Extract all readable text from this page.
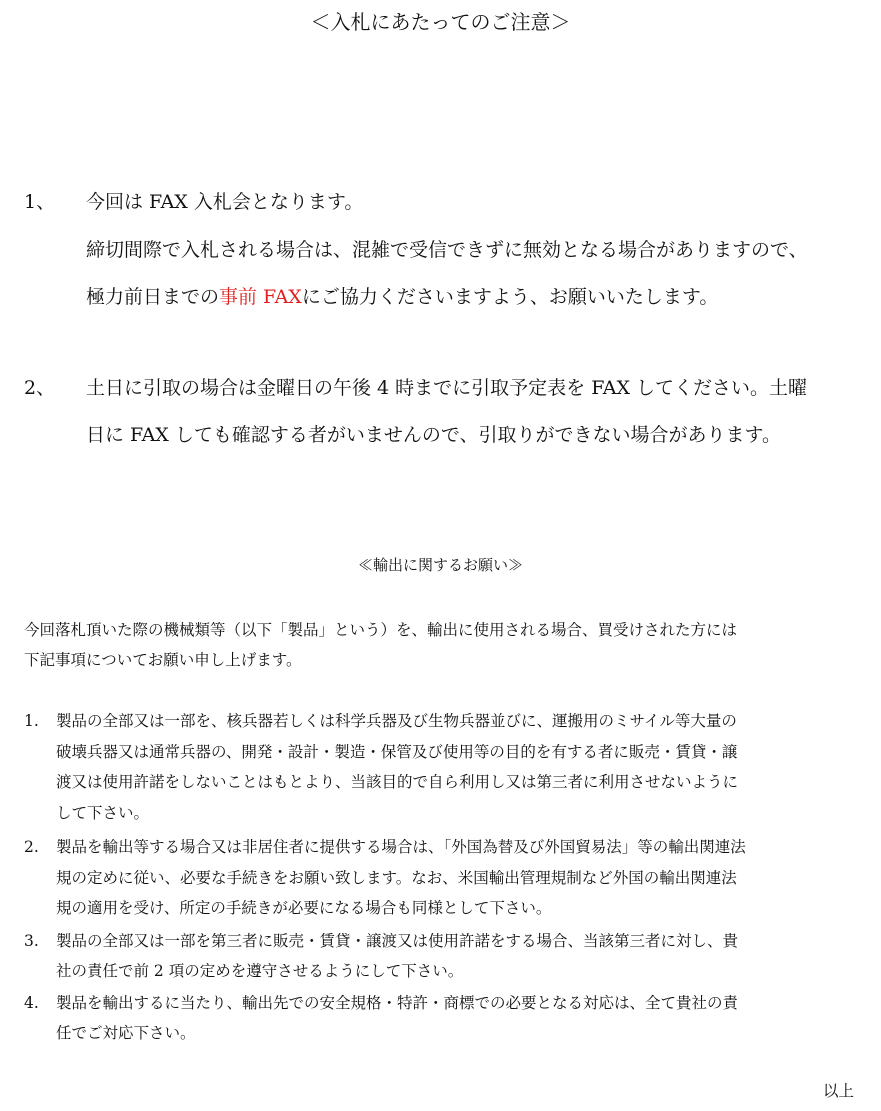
＜入札にあたってのご注意＞
1、 今回は FAX 入札会となります。
締切間際で入札される場合は、混雑で受信できずに無効となる場合がありますので、
極力前日までの事前 FAXにご協力くださいますよう、お願いいたします。
2、 土日に引取の場合は金曜日の午後 4 時までに引取予定表を FAX してください。土曜
日に FAX しても確認する者がいませんので、引取りができない場合があります。
≪輸出に関するお願い≫
今回落札頂いた際の機械類等（以下「製品」という）を、輸出に使用される場合、買受けされた方には
下記事項についてお願い申し上げます。
1. 製品の全部又は一部を、核兵器若しくは科学兵器及び生物兵器並びに、運搬用のミサイル等大量の
破壊兵器又は通常兵器の、開発・設計・製造・保管及び使用等の目的を有する者に販売・賃貸・譲
渡又は使用許諾をしないことはもとより、当該目的で自ら利用し又は第三者に利用させないように
して下さい。
2. 製品を輸出等する場合又は非居住者に提供する場合は、「外国為替及び外国貿易法」等の輸出関連法
規の定めに従い、必要な手続きをお願い致します。なお、米国輸出管理規制など外国の輸出関連法
規の適用を受け、所定の手続きが必要になる場合も同様として下さい。
3. 製品の全部又は一部を第三者に販売・賃貸・譲渡又は使用許諾をする場合、当該第三者に対し、貴
社の責任で前 2 項の定めを遵守させるようにして下さい。
4. 製品を輸出するに当たり、輸出先での安全規格・特許・商標での必要となる対応は、全て貴社の責
任でご対応下さい。
以上
